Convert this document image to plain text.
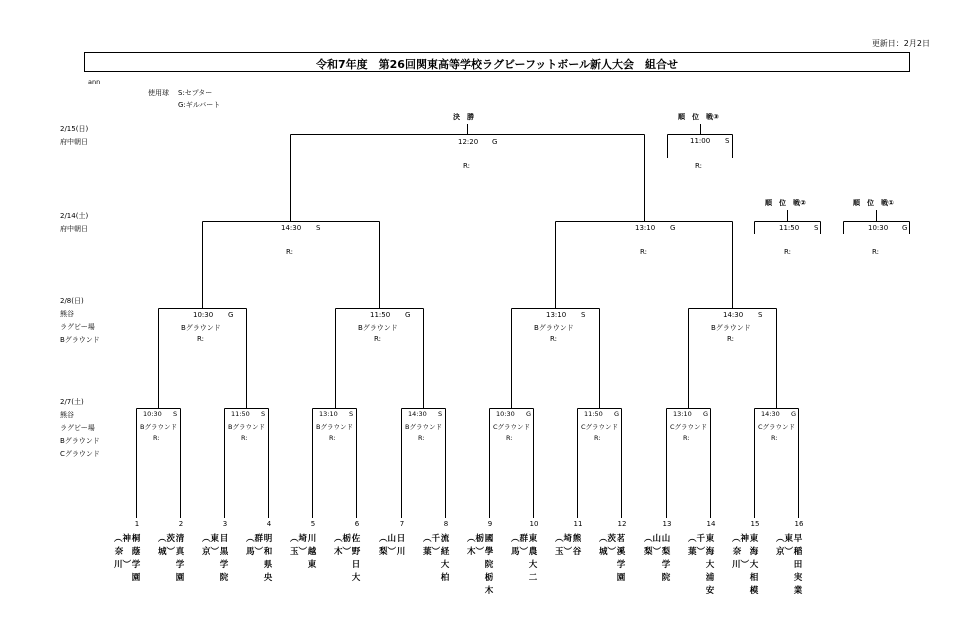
更新日：2月2日
令和7年度　第26回関東高等学校ラグビーフットボール新人大会　組合せ
ann
使用球 S:セプター
G:ギルバート
2/15(日)
府中朝日
2/14(土)
府中朝日
2/8(日)
熊谷
ラグビー場
Bグラウンド
2/7(土)
熊谷
ラグビー場
Bグラウンド
Cグラウンド
決　勝
12:20 G
R:
順　位　戦③
11:00 S
R:
順　位　戦②
11:50 S
R:
順　位　戦①
10:30 G
R:
14:30 S
R:
13:10 G
R:
10:30 G
Bグラウンド
R:
11:50 G
Bグラウンド
R:
13:10 S
Bグラウンド
R:
14:30 S
Bグラウンド
R:
10:30 S
Bグラウンド
R:
11:50 S
Bグラウンド
R:
13:10 S
Bグラウンド
R:
14:30 S
Bグラウンド
R:
10:30 G
Cグラウンド
R:
11:50 G
Cグラウンド
R:
13:10 G
Cグラウンド
R:
14:30 G
Cグラウンド
R:
1
桐蔭学園
︵神奈川︶
2
清真学園
︵茨城︶
3
目黒学院
︵東京︶
4
明和県央
︵群馬︶
5
川越東
︵埼玉︶
6
佐野日大
︵栃木︶
7
日川
︵山梨︶
8
流経大柏
︵千葉︶
9
國學院栃木
︵栃木︶
10
東農大二
︵群馬︶
11
熊谷
︵埼玉︶
12
茗溪学園
︵茨城︶
13
山梨学院
︵山梨︶
14
東海大浦安
︵千葉︶
15
東海大相模
︵神奈川︶
16
早稲田実業
︵東京︶
